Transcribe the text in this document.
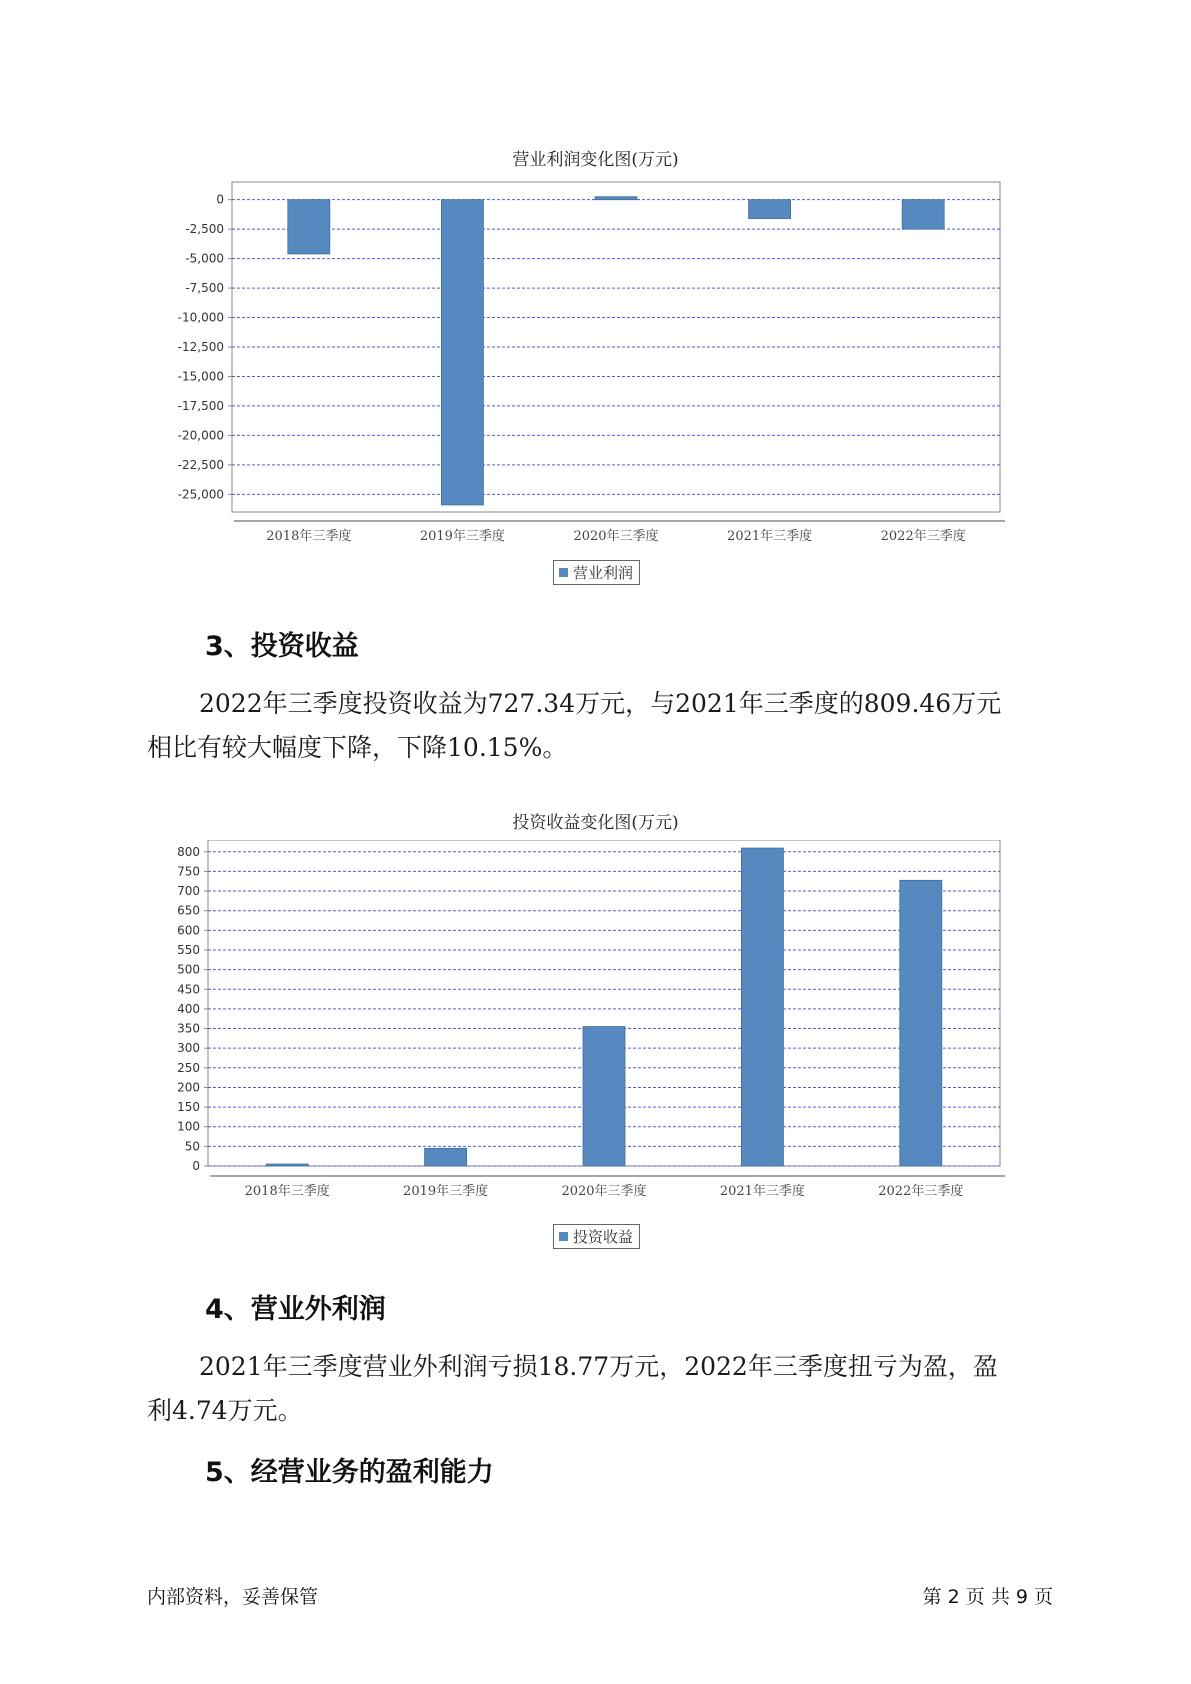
营业利润变化图(万元)
0
-2,500
-5,000
-7,500
-10,000
-12,500
-15,000
-17,500
-20,000
-22,500
-25,000
2018年三季度	2019年三季度	2020年三季度	2021年三季度	2022年三季度
营业利润
3、投资收益

2022年三季度投资收益为727.34万元，与2021年三季度的809.46万元
相比有较大幅度下降，下降10.15%。

投资收益变化图(万元)
0
50
100
150
200
250
300
350
400
450
500
550
600
650
700
750
800
2018年三季度	2019年三季度	2020年三季度	2021年三季度	2022年三季度
投资收益
4、营业外利润

2021年三季度营业外利润亏损18.77万元，2022年三季度扭亏为盈，盈
利4.74万元。

5、经营业务的盈利能力
内部资料，妥善保管	第 2 页 共 9 页
